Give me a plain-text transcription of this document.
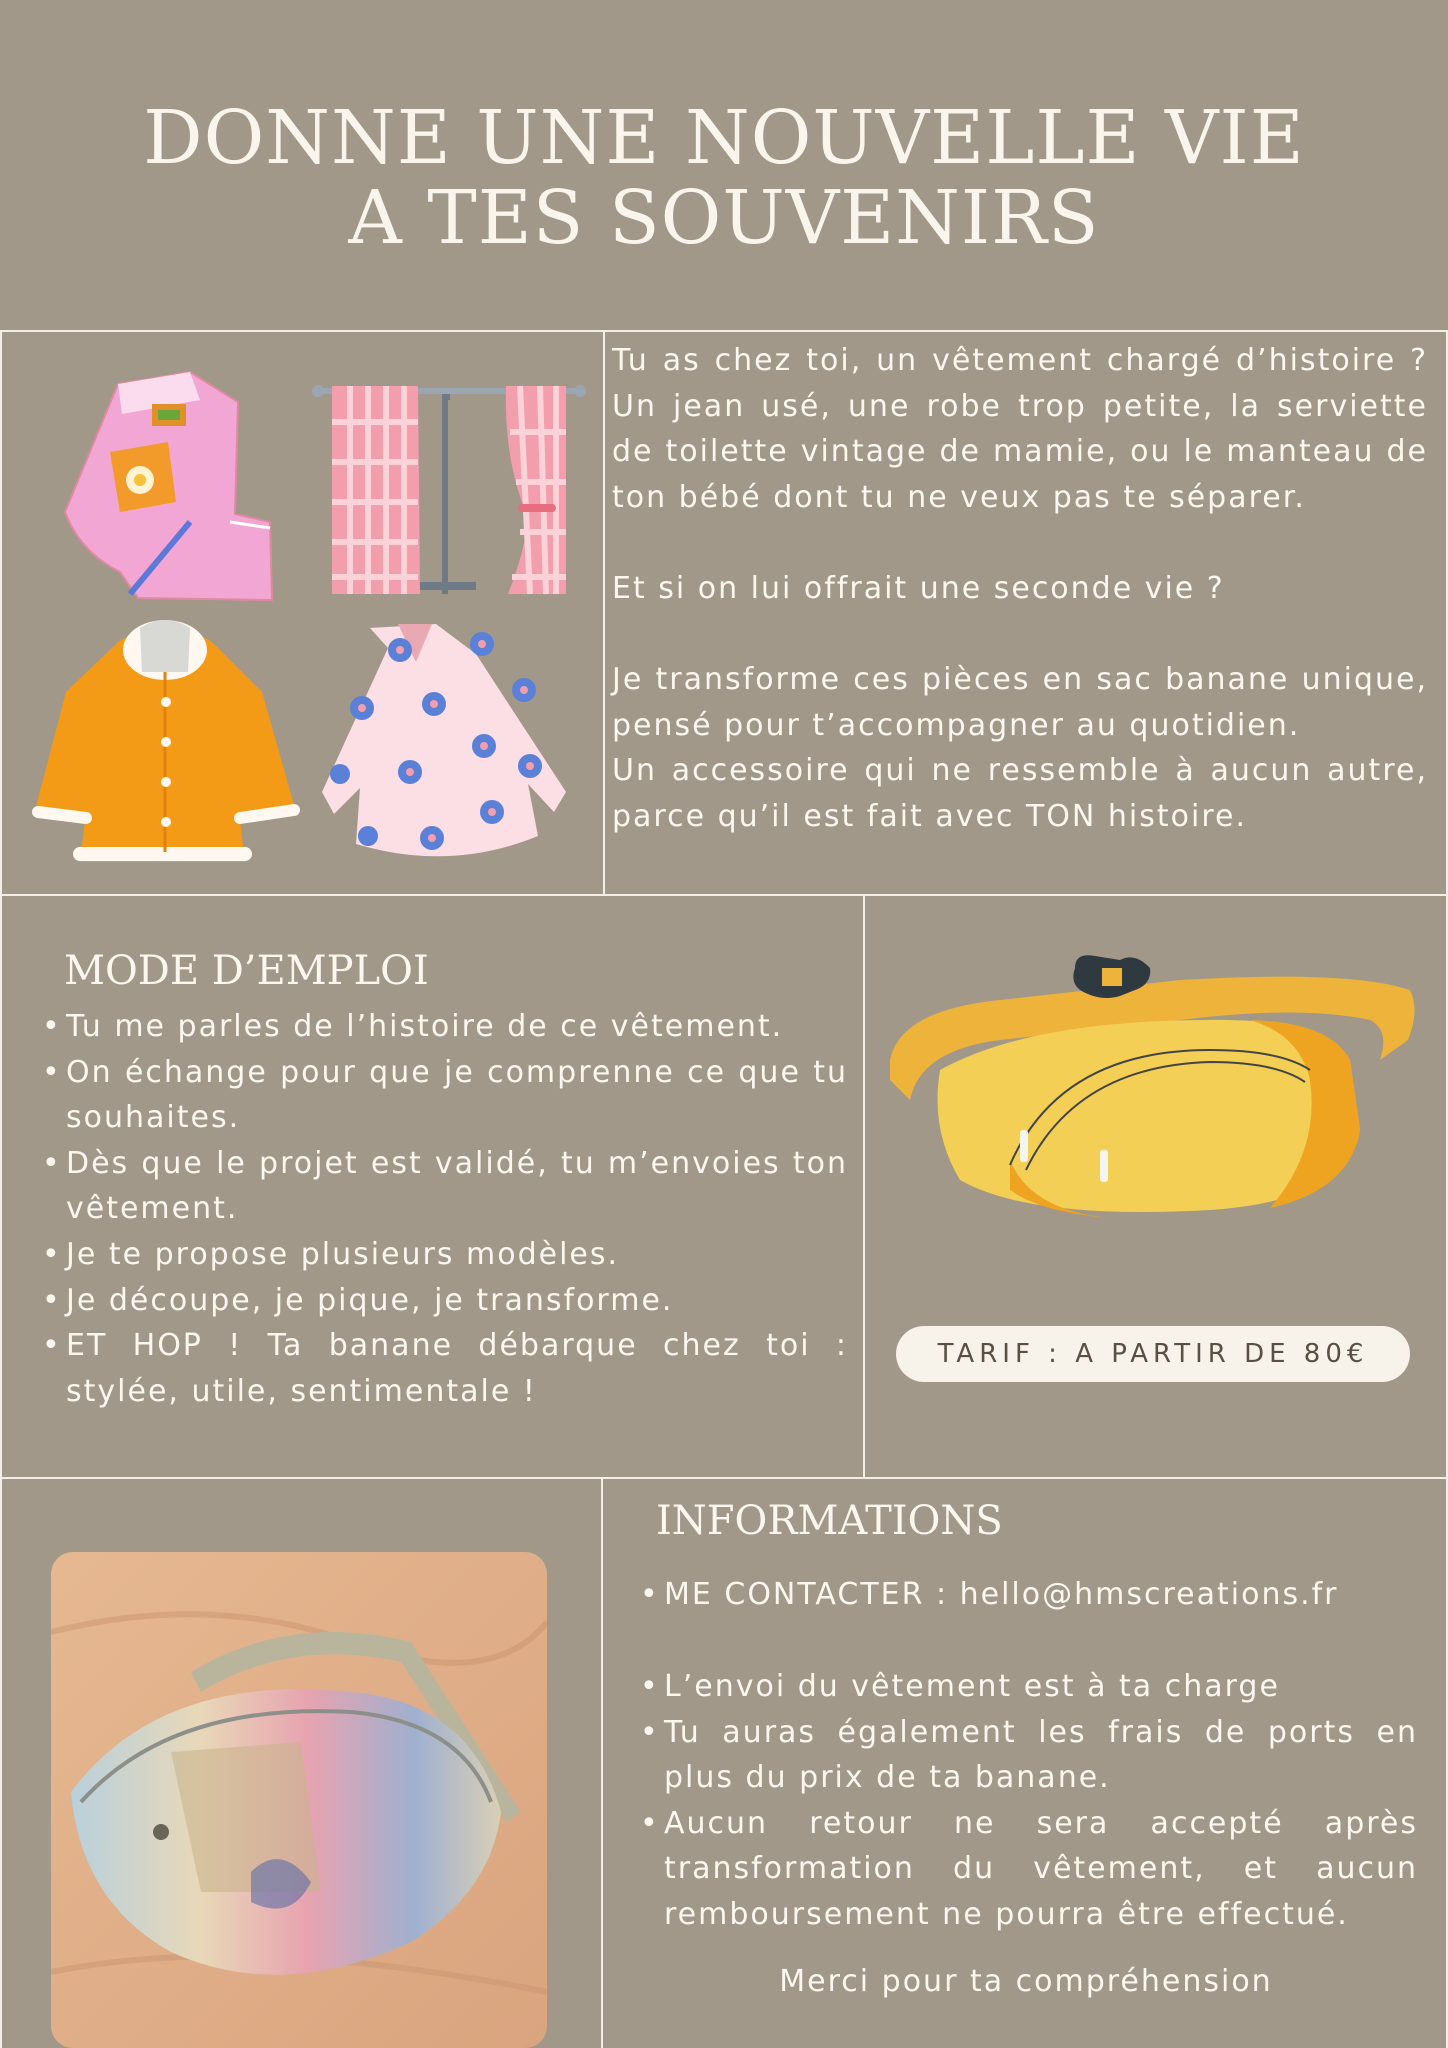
DONNE UNE NOUVELLE VIE
A TES SOUVENIRS

Tu as chez toi, un vêtement chargé d’histoire ? Un jean usé, une robe trop petite, la serviette de toilette vintage de mamie, ou le manteau de ton bébé dont tu ne veux pas te séparer.

Et si on lui offrait une seconde vie ?

Je transforme ces pièces en sac banane unique, pensé pour t’accompagner au quotidien.

Un accessoire qui ne ressemble à aucun autre, parce qu’il est fait avec TON histoire.

MODE D’EMPLOI
• Tu me parles de l’histoire de ce vêtement.
• On échange pour que je comprenne ce que tu souhaites.
• Dès que le projet est validé, tu m’envoies ton vêtement.
• Je te propose plusieurs modèles.
• Je découpe, je pique, je transforme.
• ET HOP ! Ta banane débarque chez toi : stylée, utile, sentimentale !
TARIF : A PARTIR DE 80€
INFORMATIONS
• ME CONTACTER : hello@hmscreations.fr
• L’envoi du vêtement est à ta charge
• Tu auras également les frais de ports en plus du prix de ta banane.
• Aucun retour ne sera accepté après transformation du vêtement, et aucun remboursement ne pourra être effectué.
Merci pour ta compréhension
